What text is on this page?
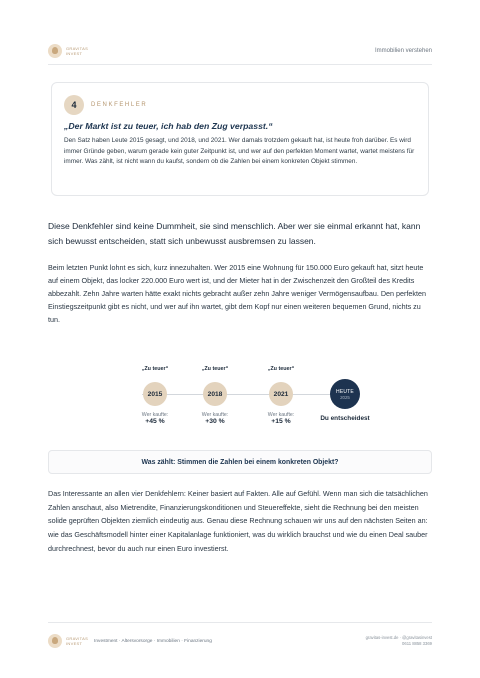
GRAVITAS
INVEST	Immobilien verstehen
4	DENKFEHLER
„Der Markt ist zu teuer, ich hab den Zug verpasst.“
Den Satz haben Leute 2015 gesagt, und 2018, und 2021. Wer damals trotzdem gekauft hat, ist heute froh darüber. Es wird immer Gründe geben, warum gerade kein guter Zeitpunkt ist, und wer auf den perfekten Moment wartet, wartet meistens für immer. Was zählt, ist nicht wann du kaufst, sondern ob die Zahlen bei einem konkreten Objekt stimmen.

Diese Denkfehler sind keine Dummheit, sie sind menschlich. Aber wer sie einmal erkannt hat, kann sich bewusst entscheiden, statt sich unbewusst ausbremsen zu lassen.

Beim letzten Punkt lohnt es sich, kurz innezuhalten. Wer 2015 eine Wohnung für 150.000 Euro gekauft hat, sitzt heute auf einem Objekt, das locker 220.000 Euro wert ist, und der Mieter hat in der Zwischenzeit den Großteil des Kredits abbezahlt. Zehn Jahre warten hätte exakt nichts gebracht außer zehn Jahre weniger Vermögensaufbau. Den perfekten Einstiegszeitpunkt gibt es nicht, und wer auf ihn wartet, gibt dem Kopf nur einen weiteren bequemen Grund, nichts zu tun.

„Zu teuer“
2015
Wer kaufte:
+45 %
„Zu teuer“
2018
Wer kaufte:
+30 %
„Zu teuer“
2021
Wer kaufte:
+15 %
HEUTE
2025
Du entscheidest
Was zählt: Stimmen die Zahlen bei einem konkreten Objekt?

Das Interessante an allen vier Denkfehlern: Keiner basiert auf Fakten. Alle auf Gefühl. Wenn man sich die tatsächlichen Zahlen anschaut, also Mietrendite, Finanzierungskonditionen und Steuereffekte, sieht die Rechnung bei den meisten solide geprüften Objekten ziemlich eindeutig aus. Genau diese Rechnung schauen wir uns auf den nächsten Seiten an: wie das Geschäftsmodell hinter einer Kapitalanlage funktioniert, was du wirklich brauchst und wie du einen Deal sauber durchrechnest, bevor du auch nur einen Euro investierst.

GRAVITAS
INVEST	Investment · Altersvorsorge · Immobilien · Finanzierung
gravitas-invest.de · @gravitasinvest
0611 8858 3369
